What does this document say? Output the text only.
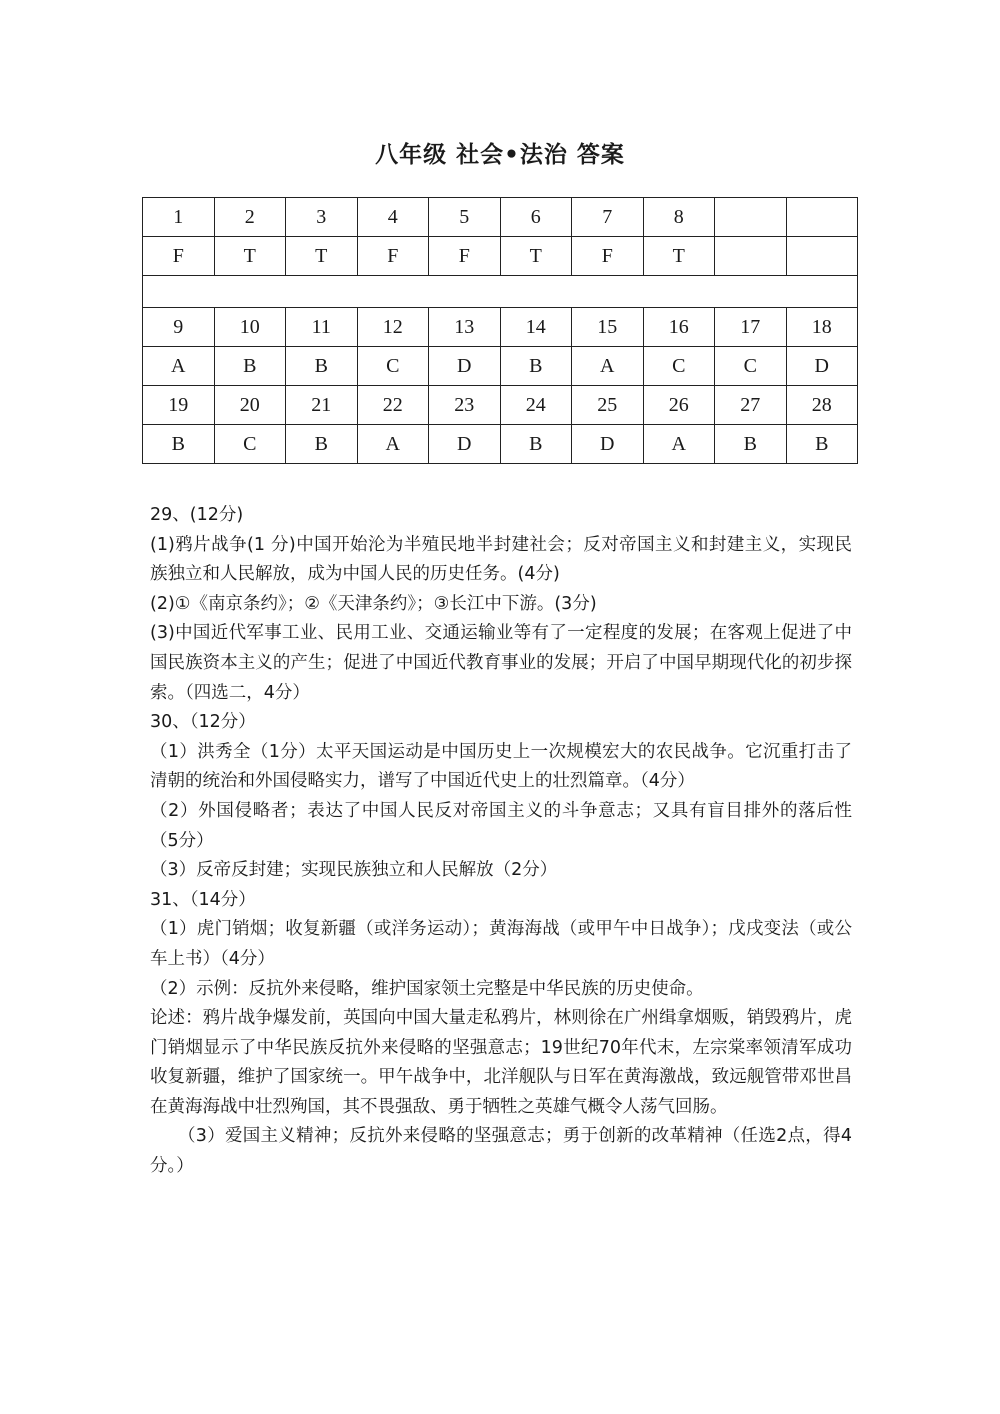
八年级 社会•法治 答案
1	2	3	4	5	6	7	8		
F	T	T	F	F	T	F	T		

9	10	11	12	13	14	15	16	17	18
A	B	B	C	D	B	A	C	C	D
19	20	21	22	23	24	25	26	27	28
B	C	B	A	D	B	D	A	B	B

29、(12分)

(1)鸦片战争(1 分)中国开始沦为半殖民地半封建社会；反对帝国主义和封建主义，实现民族独立和人民解放，成为中国人民的历史任务。(4分)

(2)①《南京条约》；②《天津条约》；③长江中下游。(3分)

(3)中国近代军事工业、民用工业、交通运输业等有了一定程度的发展；在客观上促进了中国民族资本主义的产生；促进了中国近代教育事业的发展；开启了中国早期现代化的初步探索。（四选二，4分）

30、（12分）

（1）洪秀全（1分）太平天国运动是中国历史上一次规模宏大的农民战争。它沉重打击了清朝的统治和外国侵略实力，谱写了中国近代史上的壮烈篇章。（4分）

（2）外国侵略者；表达了中国人民反对帝国主义的斗争意志；又具有盲目排外的落后性（5分）

（3）反帝反封建；实现民族独立和人民解放（2分）

31、（14分）

（1）虎门销烟；收复新疆（或洋务运动）；黄海海战（或甲午中日战争）；戊戌变法（或公车上书）（4分）

（2）示例：反抗外来侵略，维护国家领土完整是中华民族的历史使命。

论述：鸦片战争爆发前，英国向中国大量走私鸦片，林则徐在广州缉拿烟贩，销毁鸦片，虎门销烟显示了中华民族反抗外来侵略的坚强意志；19世纪70年代末，左宗棠率领清军成功收复新疆，维护了国家统一。甲午战争中，北洋舰队与日军在黄海激战，致远舰管带邓世昌在黄海海战中壮烈殉国，其不畏强敌、勇于牺牲之英雄气概令人荡气回肠。

（3）爱国主义精神；反抗外来侵略的坚强意志；勇于创新的改革精神（任选2点，得4分。）
